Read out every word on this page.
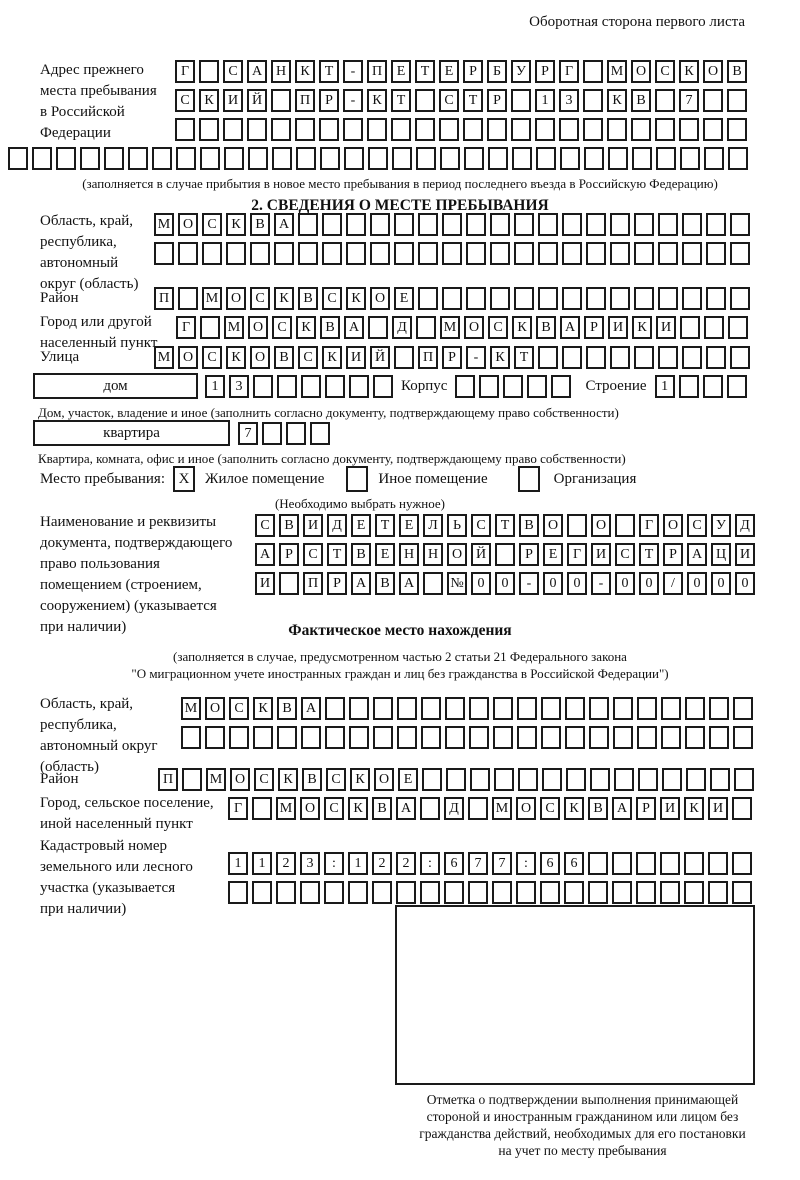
Оборотная сторона первого листа
Адрес прежнего
места пребывания
в Российской
Федерации
Г	С	А Н	К	Т	-	П	Е	Т	Е	Р	Б	У	Р	Г	М О	С	К	О	В
С	К	И Й	П	Р	-	К	Т	С	Т	Р	1	3	К	В	7
(заполняется в случае прибытия в новое место пребывания в период последнего въезда в Российскую Федерацию)
2. СВЕДЕНИЯ О МЕСТЕ ПРЕБЫВАНИЯ
Область, край,
республика,
автономный
округ (область)
М О	С	К	В	А
Район	П	М О	С	К	В	С	К	О	Е
Город или другой
населенный пункт
Г	М О	С	К	В	А	Д	М О	С	К	В	А	Р	И	К	И
Улица	М О	С	К	О	В	С	К	И Й	П	Р	-	К	Т
дом	1	3	Корпус	Строение	1
Дом, участок, владение и иное (заполнить согласно документу, подтверждающему право собственности)
квартира	7
Квартира, комната, офис и иное (заполнить согласно документу, подтверждающему право собственности)
Место пребывания: X	Жилое помещение	Иное помещение	Организация
(Необходимо выбрать нужное)
Наименование и реквизиты
документа, подтверждающего
право пользования
помещением (строением,
сооружением) (указывается
при наличии)
С	В	И	Д	Е	Т	Е	Л	Ь	С	Т	В	О	О	Г	О	С	У	Д
А	Р	С	Т	В	Е	Н Н О Й	Р	Е	Г	И	С	Т	Р	А Ц И
И	П	Р	А	В	А	№ 0	0	-	0	0	-	0	0	/	0	0	0
Фактическое место нахождения
(заполняется в случае, предусмотренном частью 2 статьи 21 Федерального закона
"О миграционном учете иностранных граждан и лиц без гражданства в Российской Федерации")
Область, край,
республика,
автономный округ
(область)
М О	С	К	В	А
Район	П	М О	С	К	В	С	К	О	Е
Город, сельское поселение,
иной населенный пункт
Г	М О	С	К	В	А	Д	М О	С	К	В	А	Р	И	К	И
Кадастровый номер
земельного или лесного
участка (указывается
при наличии)
1	1	2	3	:	1	2	2	:	6	7	7	:	6	6
Отметка о подтверждении выполнения принимающей
стороной и иностранным гражданином или лицом без
гражданства действий, необходимых для его постановки
на учет по месту пребывания
